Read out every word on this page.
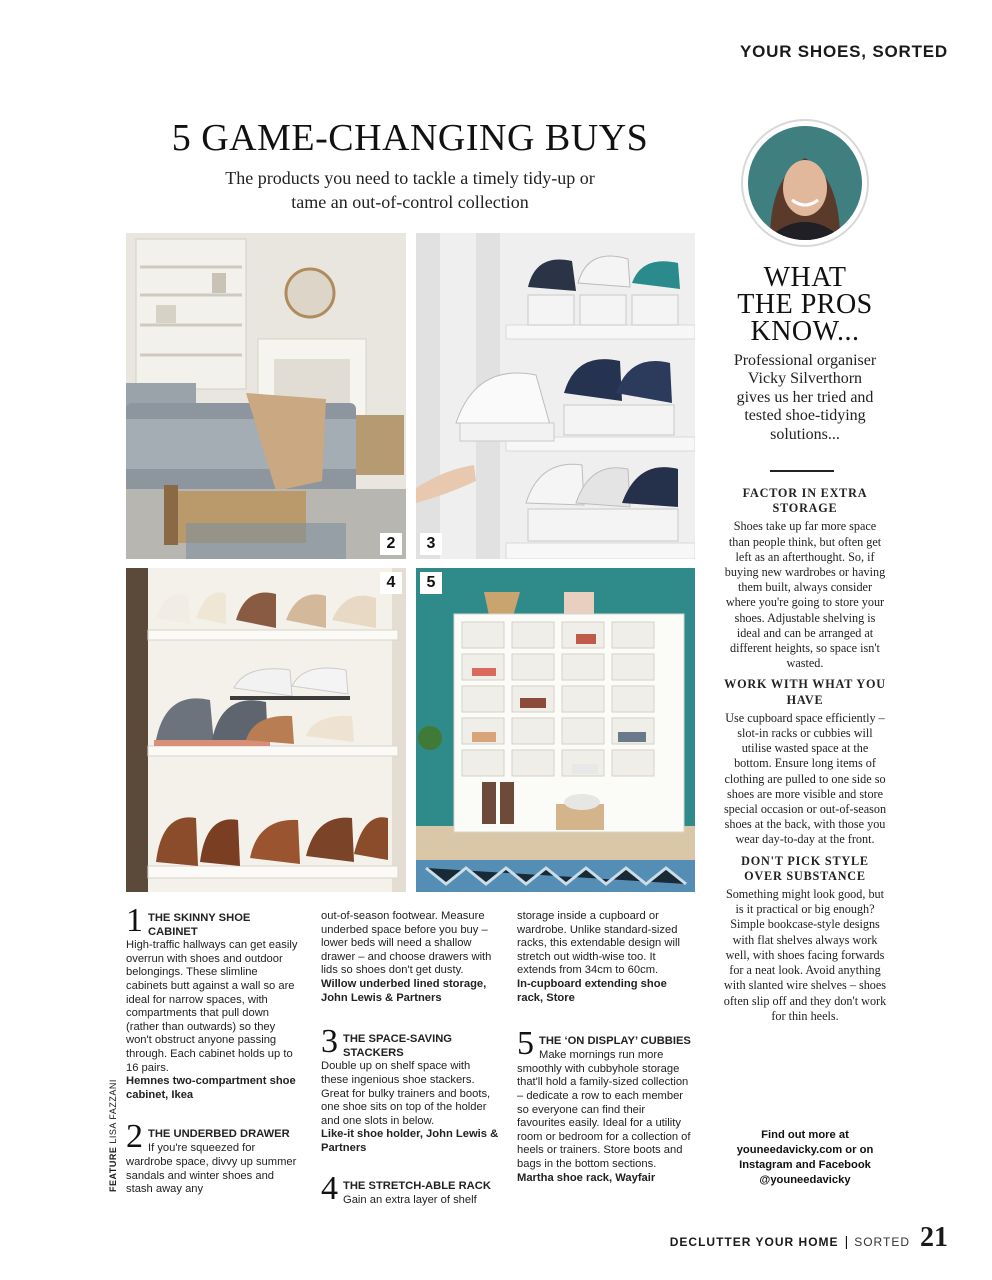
YOUR SHOES, SORTED
5 GAME-CHANGING BUYS
The products you need to tackle a timely tidy-up or
tame an out-of-control collection
2	3
4	5
1 THE SKINNY SHOE CABINET

High-traffic hallways can get easily overrun with shoes and outdoor belongings. These slimline cabinets butt against a wall so are ideal for narrow spaces, with compartments that pull down (rather than outwards) so they won't obstruct anyone passing through. Each cabinet holds up to 16 pairs.

Hemnes two-compartment shoe cabinet, Ikea

2 THE UNDERBED DRAWER

If you're squeezed for wardrobe space, divvy up summer sandals and winter shoes and stash away any

FEATURE LISA FAZZANI

out-of-season footwear. Measure underbed space before you buy – lower beds will need a shallow drawer – and choose drawers with lids so shoes don't get dusty.

Willow underbed lined storage, John Lewis & Partners

3 THE SPACE-SAVING STACKERS

Double up on shelf space with these ingenious shoe stackers. Great for bulky trainers and boots, one shoe sits on top of the holder and one slots in below.

Like-it shoe holder, John Lewis & Partners

4 THE STRETCH-ABLE RACK

Gain an extra layer of shelf

storage inside a cupboard or wardrobe. Unlike standard-sized racks, this extendable design will stretch out width-wise too. It extends from 34cm to 60cm.

In-cupboard extending shoe rack, Store

5 THE ‘ON DISPLAY’ CUBBIES

Make mornings run more smoothly with cubbyhole storage that'll hold a family-sized collection – dedicate a row to each member so everyone can find their favourites easily. Ideal for a utility room or bedroom for a collection of heels or trainers. Store boots and bags in the bottom sections.

Martha shoe rack, Wayfair

WHAT
THE PROS
KNOW...
Professional organiser Vicky Silverthorn gives us her tried and tested shoe-tidying solutions...
FACTOR IN EXTRA STORAGE

Shoes take up far more space than people think, but often get left as an afterthought. So, if buying new wardrobes or having them built, always consider where you're going to store your shoes. Adjustable shelving is ideal and can be arranged at different heights, so space isn't wasted.

WORK WITH WHAT YOU HAVE

Use cupboard space efficiently – slot-in racks or cubbies will utilise wasted space at the bottom. Ensure long items of clothing are pulled to one side so shoes are more visible and store special occasion or out-of-season shoes at the back, with those you wear day-to-day at the front.

DON'T PICK STYLE OVER SUBSTANCE

Something might look good, but is it practical or big enough? Simple bookcase-style designs with flat shelves always work well, with shoes facing forwards for a neat look. Avoid anything with slanted wire shelves – shoes often slip off and they don't work for thin heels.

Find out more at
youneedavicky.com or on
Instagram and Facebook
@youneedavicky
DECLUTTER YOUR HOME | SORTED 21
